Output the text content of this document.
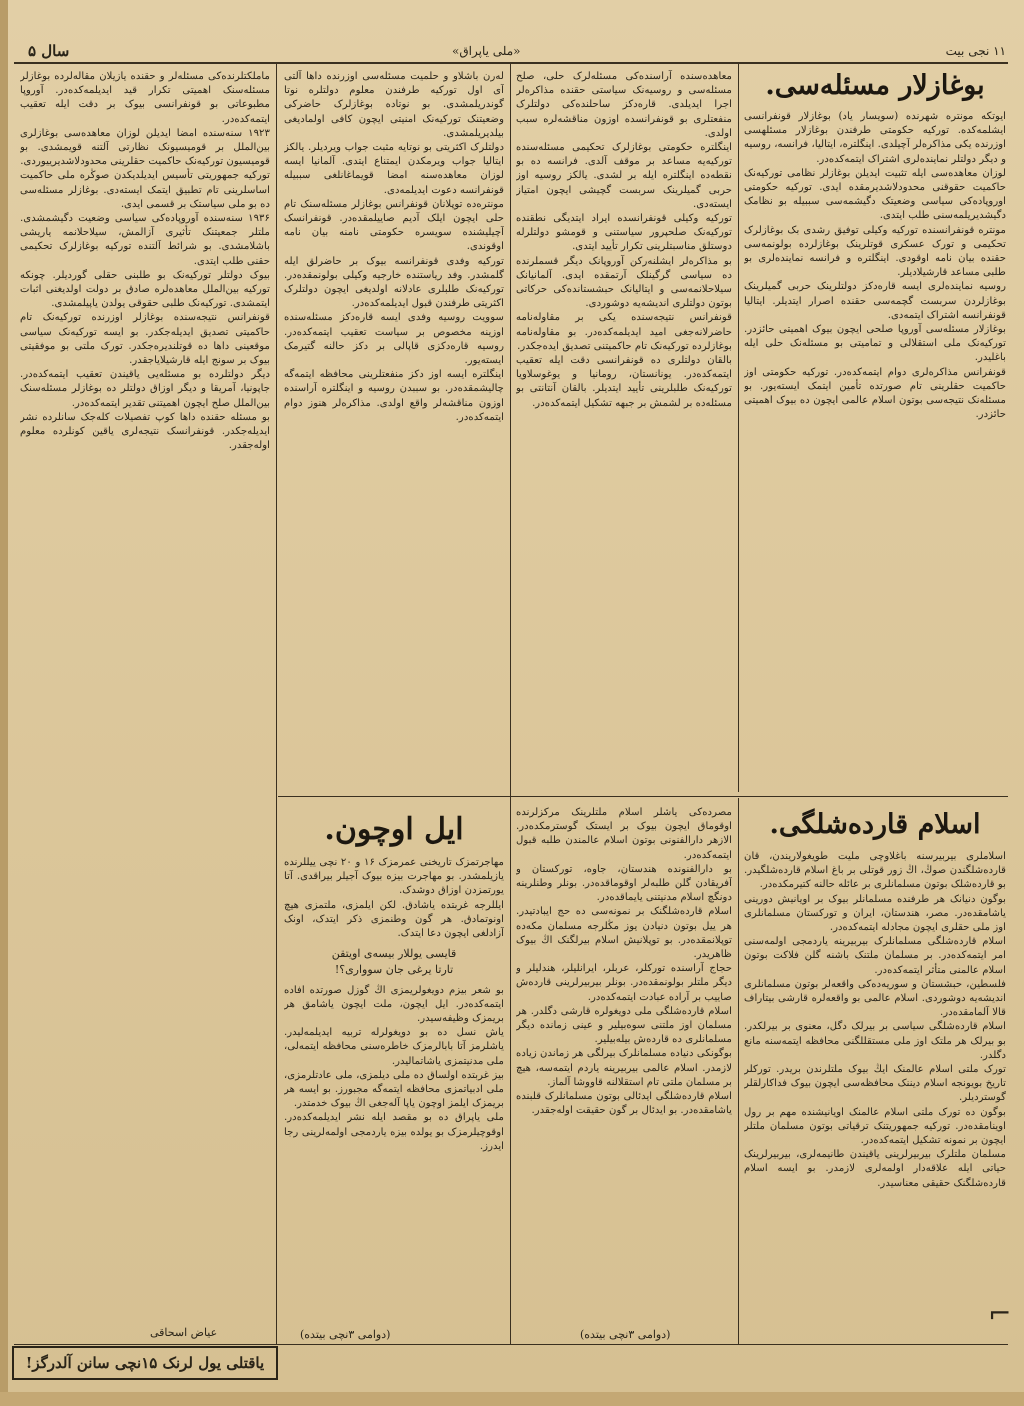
۱۱ نجی بیت
«ملی یاپراق»
سال ۵
بوغازلار مسئلەسی.

ایوتکه مونتره شهرنده (سویسار یاد) بوغازلار قونفرانسی ایشلمەکده. تورکیه حکومتی طرفندن بوغازلار مسئلهسی اوزرنده یکی مذاکره‌لر آچیلدی. اینگلتره، ایتالیا، فرانسه، روسیه و دیگر دولتلر نماینده‌لری اشتراک ایتمه‌کده‌در.

لوزان معاهده‌سی ایله تثبیت ایدیلن بوغازلر نظامی تورکیه‌نک حاکمیت حقوقنی محدودلاشدیرمقده ایدی. تورکیه حکومتی اوروپاده‌کی سیاسی وضعیتک دگیشمه‌سی سببیله بو نظامک دگیشدیریلمه‌سنی طلب ایتدی.

مونتره قونفرانسنده تورکیه وکیلی توفیق رشدی بک بوغازلرک تحکیمی و تورک عسکری قوتلرینک بوغازلرده بولونمه‌سی حقنده بیان نامه اوقودی. اینگلتره و فرانسه نماینده‌لری بو طلبی مساعد قارشیلادیلر.

روسیه نماینده‌لری ایسه قاره‌دکز دولتلرینک حربی گمیلرینک بوغازلردن سربست گچمه‌سی حقنده اصرار ایتدیلر. ایتالیا قونفرانسه اشتراک ایتمه‌دی.

بوغازلار مسئله‌سی آوروپا صلحی ایچون بیوک اهمیتی حائزدر. تورکیه‌نک ملی استقلالی و تمامیتی بو مسئله‌نک حلی ایله باغلیدر.

قونفرانس مذاکره‌لری دوام ایتمه‌کده‌در. تورکیه حکومتی اوز حاکمیت حقلرینی تام صورتده تأمین ایتمک ایستەیور. بو مسئله‌نک نتیجه‌سی بوتون اسلام عالمی ایچون ده بیوک اهمیتی حائزدر.

معاهده‌سنده آراسنده‌کی مسئله‌لرک حلی، صلح مسئله‌سی و روسیه‌نک سیاستی حقنده مذاکره‌لر اجرا ایدیلدی. قاره‌دکز ساحلنده‌کی دولتلرک منفعتلری بو قونفرانسده اوزون مناقشه‌لره سبب اولدی.

اینگلتره حکومتی بوغازلرک تحکیمی مسئله‌سنده تورکیه‌یه مساعد بر موقف آلدی. فرانسه ده بو نقطه‌ده اینگلتره ایله بر لشدی. یالکز روسیه اوز حربی گمیلرینک سربست گچیشی ایچون امتیاز ایستەدی.

تورکیه وکیلی قونفرانسده ایراد ایتدیگی نطقنده تورکیه‌نک صلحپرور سیاستنی و قومشو دولتلرله دوستلق مناسبتلرینی تکرار تأیید ایتدی.

بو مذاکره‌لر ایشلنه‌رکن آوروپانک دیگر قسملرنده ده سیاسی گرگینلک آرتمقده ایدی. آلمانیانک سیلاحلانمه‌سی و ایتالیانک حبشستانده‌کی حرکاتی بوتون دولتلری اندیشه‌یه دوشوردی.

قونفرانس نتیجه‌سنده یکی بر مقاوله‌نامه حاضرلانه‌جغی امید ایدیلمه‌کده‌در. بو مقاوله‌نامه بوغازلرده تورکیه‌نک تام حاکمیتنی تصدیق ایده‌جکدر.

بالقان دولتلری ده قونفرانسی دقت ایله تعقیب ایتمه‌کده‌در. یونانستان، رومانیا و یوغوسلاویا تورکیه‌نک طلبلرینی تأیید ایتدیلر. بالقان آنتانتی بو مسئله‌ده بر لشمش بر جبهه تشکیل ایتمه‌کده‌در.

لەرن باشلاو و حلمیت مسئله‌سی اوزرنده داها آلتی آی اول تورکیه طرفندن معلوم دولتلره نوتا گوندریلمشدی. بو نوتاده بوغازلرک حاضرکی وضعیتنک تورکیه‌نک امنیتی ایچون کافی اولمادیغی بیلدیریلمشدی.

دولتلرک اکثریتی بو نوتایه مثبت جواب ویردیلر. یالکز ایتالیا جواب ویرمکدن ایمتناع ایتدی. آلمانیا ایسه لوزان معاهده‌سنه امضا قویماغانلغی سببیله قونفرانسه دعوت ایدیلمه‌دی.

مونتره‌ده توپلانان قونفرانس بوغازلر مسئله‌سنک تام حلی ایچون ایلک آدیم صاییلمقده‌در. قونفرانسک آچیلیشنده سویسره حکومتی نامنه بیان نامه اوقوندی.

تورکیه وفدی قونفرانسه بیوک بر حاضرلق ایله گلمشدر. وفد ریاستنده خارجیه وکیلی بولونمقده‌در. تورکیه‌نک طلبلری عادلانه اولدیغی ایچون دولتلرک اکثریتی طرفندن قبول ایدیلمه‌کده‌در.

سوویت روسیه وفدی ایسه قاره‌دکز مسئله‌سنده اوزینه مخصوص بر سیاست تعقیب ایتمه‌کده‌در. روسیه قاره‌دکزی قاپالی بر دکز حالنه گتیرمک ایستەیور.

اینگلتره ایسه اوز دکز منفعتلرینی محافظه ایتمه‌گه چالیشمقده‌در. بو سببدن روسیه و اینگلتره آراسنده اوزون مناقشه‌لر واقع اولدی. مذاکره‌لر هنوز دوام ایتمه‌کده‌در.

ماملکتلرنده‌کی مسئله‌لر و حقنده یازیلان مقاله‌لرده بوغازلر مسئله‌سنک اهمیتی تکرار قید ایدیلمه‌کده‌در. آوروپا مطبوعاتی بو قونفرانسی بیوک بر دقت ایله تعقیب ایتمه‌کده‌در.

۱۹۲۳ سنه‌سنده امضا ایدیلن لوزان معاهده‌سی بوغازلری بین‌الملل بر قومیسیونک نظارتی آلتنه قویمشدی. بو قومیسیون تورکیه‌نک حاکمیت حقلرینی محدودلاشدیرییوردی.

تورکیه جمهوریتی تأسیس ایدیلدیکدن صوڭره ملی حاکمیت اساسلرینی تام تطبیق ایتمک ایستەدی. بوغازلر مسئله‌سی ده بو ملی سیاستک بر قسمی ایدی.

۱۹۳۶ سنه‌سنده آوروپاده‌کی سیاسی وضعیت دگیشمشدی. ملتلر جمعیتنک تأثیری آزالمش، سیلاحلانمه یاریشی باشلامشدی. بو شرائط آلتنده تورکیه بوغازلرک تحکیمی حقنی طلب ایتدی.

بیوک دولتلر تورکیه‌نک بو طلبنی حقلی گوردیلر. چونکه تورکیه بین‌الملل معاهده‌لره صادق بر دولت اولدیغنی اثبات ایتمشدی. تورکیه‌نک طلبی حقوقی یولدن یاپیلمشدی.

قونفرانس نتیجه‌سنده بوغازلر اوزرنده تورکیه‌نک تام حاکمیتی تصدیق ایدیله‌جکدر. بو ایسه تورکیه‌نک سیاسی موقعینی داها ده قوتلندیره‌جکدر. تورک ملتی بو موفقیتی بیوک بر سونج ایله قارشیلایاجقدر.

دیگر دولتلرده بو مسئله‌یی یاقیندن تعقیب ایتمه‌کده‌در. جاپونیا، آمریقا و دیگر اوزاق دولتلر ده بوغازلر مسئله‌سنک بین‌الملل صلح ایچون اهمیتنی تقدیر ایتمه‌کده‌در.

بو مسئله حقنده داها کوپ تفصیلات کله‌جک سانلرده نشر ایدیله‌جکدر. قونفرانسک نتیجه‌لری یاقین کونلرده معلوم اوله‌جقدر.

عیاض اسحاقی
اسلام قارده‌شلگی.

اسلاملری بیربیرسنه باغلاوچی ملیت طویغولاریندن، قان قارده‌شلگندن صوڭ، اڭ زور قوتلی بر باغ اسلام قارده‌شلگیدر. بو قارده‌شلک بوتون مسلمانلری بر عائله حالنه کتیرمکده‌در.

بوگون دنیانک هر طرفنده مسلمانلر بیوک بر اویانیش دورینی یاشامقده‌در. مصر، هندستان، ایران و تورکستان مسلمانلری اوز ملی حقلری ایچون مجادله ایتمه‌کده‌در.

اسلام قارده‌شلگی مسلمانلرک بیربیرینه یاردمجی اولمه‌سنی امر ایتمه‌کده‌در. بر مسلمان ملتنک باشنه گلن فلاکت بوتون اسلام عالمنی متأثر ایتمه‌کده‌در.

فلسطین، حبشستان و سوریه‌ده‌کی واقعه‌لر بوتون مسلمانلری اندیشه‌یه دوشوردی. اسلام عالمی بو واقعه‌لره قارشی بیتاراف قالا آلمامقده‌در.

اسلام قارده‌شلگی سیاسی بر بیرلک دگل، معنوی بر بیرلکدر. بو بیرلک هر ملتک اوز ملی مستقللگنی محافظه ایتمه‌سنه مانع دگلدر.

تورک ملتی اسلام عالمنک ایڭ بیوک ملتلرندن بریدر. تورکلر تاریخ بویونجه اسلام دیننک محافظه‌سی ایچون بیوک فداکارلقلر گوستردیلر.

بوگون ده تورک ملتی اسلام عالمنک اویانیشنده مهم بر رول اوینامقده‌در. تورکیه جمهوریتنک ترقیاتی بوتون مسلمان ملتلر ایچون بر نمونه تشکیل ایتمه‌کده‌در.

مسلمان ملتلرک بیربیرلرینی یاقیندن طانیمه‌لری، بیربیرلرینک حیاتی ایله علاقه‌دار اولمه‌لری لازمدر. بو ایسه اسلام قارده‌شلگنک حقیقی معناسیدر.

⌐

مصرده‌کی یاشلر اسلام ملتلرینک مرکزلرنده اوقوماق ایچون بیوک بر ایستک گوسترمکده‌در. الازهر دارالفنونی بوتون اسلام عالمندن طلبه قبول ایتمه‌کده‌در.

بو دارالفنونده هندستان، جاوه، تورکستان و آفریقادن گلن طلبه‌لر اوقوماقده‌در. بونلر وطنلرینه دونگچ اسلام مدنیتنی یایماقده‌در.

اسلام قارده‌شلگنک بر نمونه‌سی ده حج ایبادتیدر. هر ییل بوتون دنیادن یوز مڭلرجه مسلمان مکه‌ده توپلانمقده‌در. بو توپلانیش اسلام بیرلگنک اڭ بیوک ظاهریدر.

حجاج آراسنده تورکلر، عربلر، ایرانلیلر، هندلیلر و دیگر ملتلر بولونمقده‌در. بونلر بیربیرلرینی قارده‌ش صاییب بر آراده عبادت ایتمه‌کده‌در.

اسلام قارده‌شلگی ملی دویغولره قارشی دگلدر. هر مسلمان اوز ملتنی سوه‌بیلیر و عینی زمانده دیگر مسلمانلری ده قارده‌ش بیله‌بیلیر.

بوگونکی دنیاده مسلمانلرک بیرلگی هر زماندن زیاده لازمدر. اسلام عالمی بیربیرینه یاردم ایتمه‌سه، هیچ بر مسلمان ملتی تام استقلالنه قاووشا آلماز.

اسلام قارده‌شلگی ایدئالی بوتون مسلمانلرک قلبنده یاشامقده‌در. بو ایدئال بر گون حقیقت اوله‌جقدر.

(دوامی ۳نچی بیتده)
ایل اوچون.

مهاجرتمزک تاریخنی عمرمزک ۱۶ و ۲۰ نچی ییللرنده یازیلمشدر. بو مهاجرت بیزه بیوک آجیلر بیراقدی. آتا یورتمزدن اوزاق دوشدک.

ایللرجه غربتده یاشادق. لکن ایلمزی، ملتمزی هیچ اونوتمادق. هر گون وطنمزی ذکر ایتدک، اونک آزادلغی ایچون دعا ایتدک.

قایسی یوللار بیسه‌ی اویتقن

تارتا یرغی جان سوواری؟!

بو شعر بیزم دویغولریمزی اڭ گوزل صورتده افاده ایتمه‌کده‌در. ایل ایچون، ملت ایچون یاشامق هر بریمزک وظیفه‌سیدر.

یاش نسل ده بو دویغولرله تربیه ایدیلمه‌لیدر. یاشلرمز آتا بابالرمزک خاطره‌سنی محافظه ایتمه‌لی، ملی مدنیتمزی یاشاتمالیدر.

بیز غربتده اولساق ده ملی دیلمزی، ملی عادتلرمزی، ملی ادبیاتمزی محافظه ایتمه‌گه مجبورز. بو ایسه هر بریمزک ایلمز اوچون یاپا آله‌جغی اڭ بیوک خدمتدر.

ملی یاپراق ده بو مقصد ایله نشر ایدیلمه‌کده‌در. اوقوچیلرمزک بو یولده بیزه یاردمجی اولمه‌لرینی رجا ایدرز.

(دوامی ۳نچی بیتده)
یاقتلی یول لرنک ۱۵نچی سانن آلدرگز!
